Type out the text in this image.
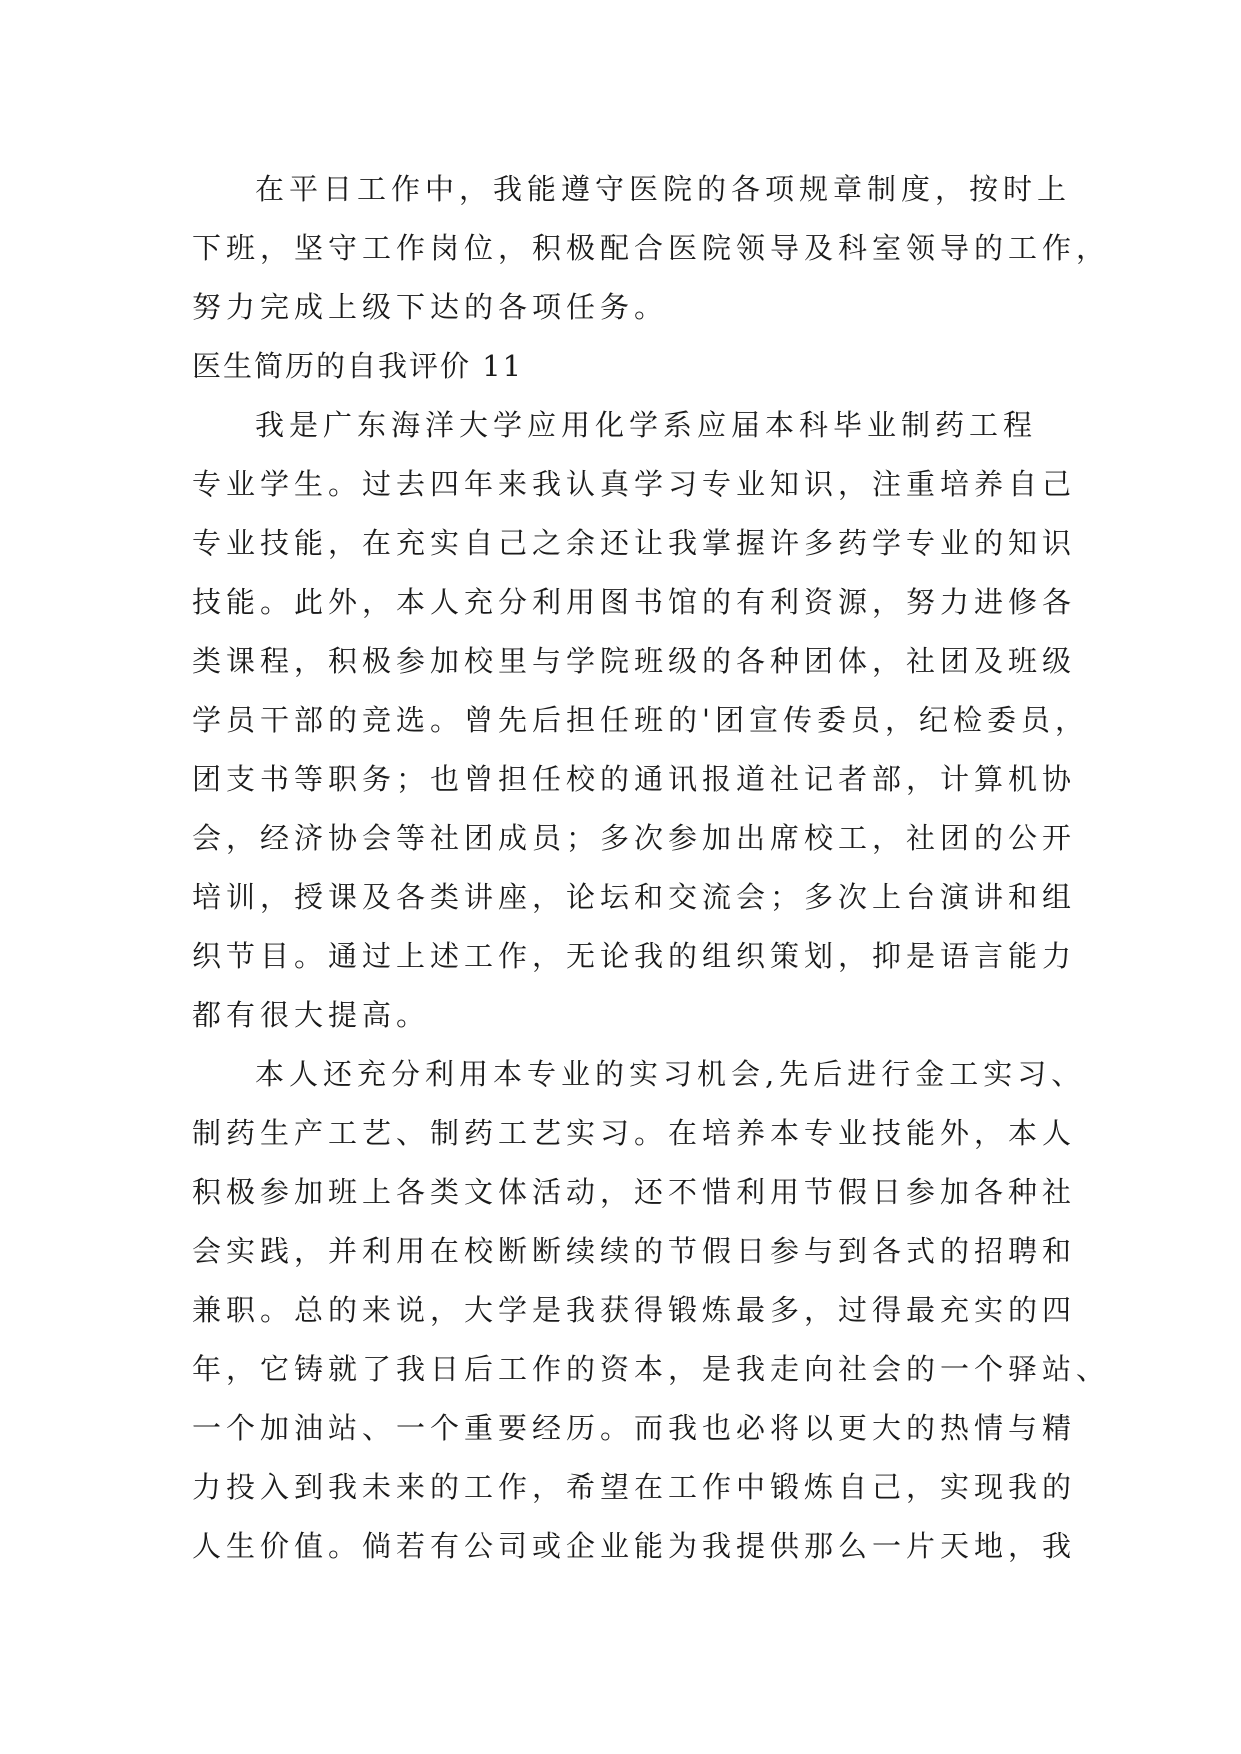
在平日工作中，我能遵守医院的各项规章制度，按时上
下班，坚守工作岗位，积极配合医院领导及科室领导的工作，
努力完成上级下达的各项任务。
医生简历的自我评价 11
我是广东海洋大学应用化学系应届本科毕业制药工程
专业学生。过去四年来我认真学习专业知识，注重培养自己
专业技能，在充实自己之余还让我掌握许多药学专业的知识
技能。此外，本人充分利用图书馆的有利资源，努力进修各
类课程，积极参加校里与学院班级的各种团体，社团及班级
学员干部的竞选。曾先后担任班的'团宣传委员，纪检委员，
团支书等职务；也曾担任校的通讯报道社记者部，计算机协
会，经济协会等社团成员；多次参加出席校工，社团的公开
培训，授课及各类讲座，论坛和交流会；多次上台演讲和组
织节目。通过上述工作，无论我的组织策划，抑是语言能力
都有很大提高。
本人还充分利用本专业的实习机会,先后进行金工实习、
制药生产工艺、制药工艺实习。在培养本专业技能外，本人
积极参加班上各类文体活动，还不惜利用节假日参加各种社
会实践，并利用在校断断续续的节假日参与到各式的招聘和
兼职。总的来说，大学是我获得锻炼最多，过得最充实的四
年，它铸就了我日后工作的资本，是我走向社会的一个驿站、
一个加油站、一个重要经历。而我也必将以更大的热情与精
力投入到我未来的工作，希望在工作中锻炼自己，实现我的
人生价值。倘若有公司或企业能为我提供那么一片天地，我
